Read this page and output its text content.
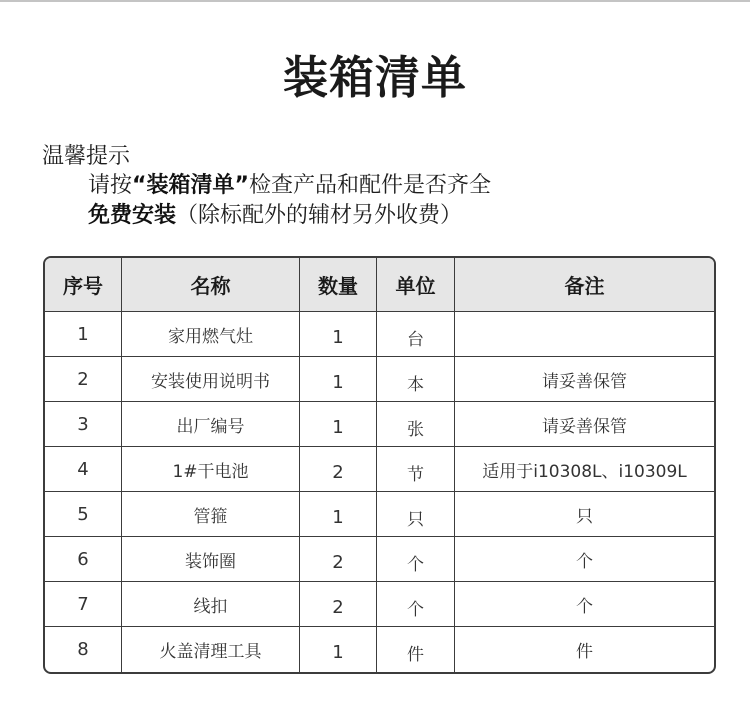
装箱清单
温馨提示
请按“装箱清单”检查产品和配件是否齐全
免费安装（除标配外的辅材另外收费）
序号	名称	数量	单位	备注
1	家用燃气灶	1	台
2	安装使用说明书	1	本	请妥善保管
3	出厂编号	1	张	请妥善保管
4	1#干电池	2	节	适用于i10308L、i10309L
5	管箍	1	只	只
6	装饰圈	2	个	个
7	线扣	2	个	个
8	火盖清理工具	1	件	件
